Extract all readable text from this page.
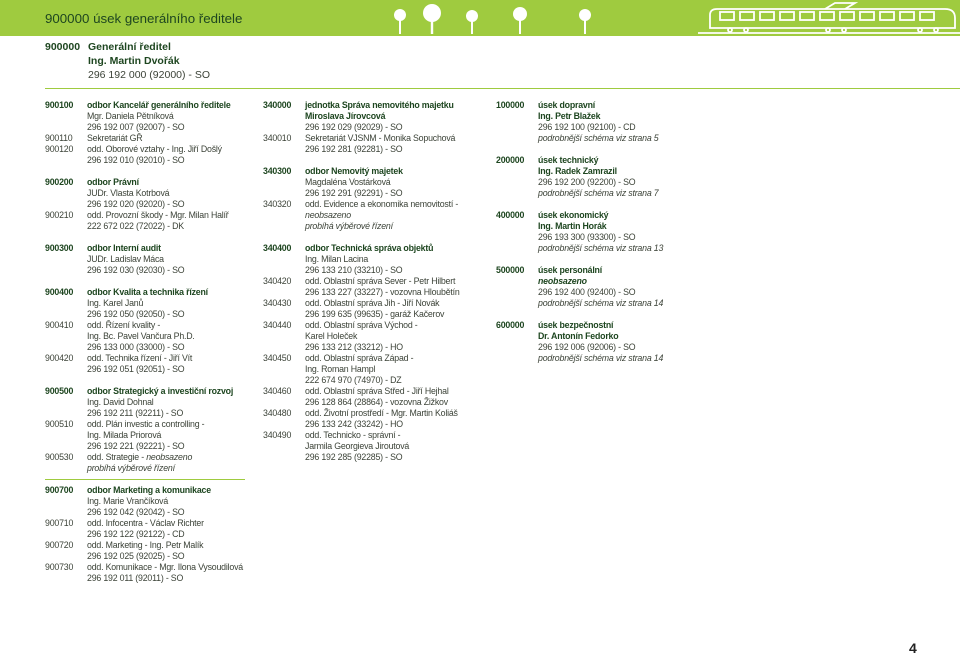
900000 úsek generálního ředitele
900000 Generální ředitel
Ing. Martin Dvořák
296 192 000 (92000) - SO
900100 odbor Kancelář generálního ředitele
Mgr. Daniela Pětníková
296 192 007 (92007) - SO
900110 Sekretariát GŘ
900120 odd. Oborové vztahy - Ing. Jiří Došlý
296 192 010 (92010) - SO
900200 odbor Právní
JUDr. Vlasta Kotrbová
296 192 020 (92020) - SO
900210 odd. Provozní škody - Mgr. Milan Halíř
222 672 022 (72022) - DK
900300 odbor Interní audit
JUDr. Ladislav Máca
296 192 030 (92030) - SO
900400 odbor Kvalita a technika řízení
Ing. Karel Janů
296 192 050 (92050) - SO
900410 odd. Řízení kvality -
Ing. Bc. Pavel Vančura Ph.D.
296 133 000 (33000) - SO
900420 odd. Technika řízení - Jiří Vít
296 192 051 (92051) - SO
900500 odbor Strategický a investiční rozvoj
Ing. David Dohnal
296 192 211 (92211) - SO
900510 odd. Plán investic a controlling -
Ing. Milada Priorová
296 192 221 (92221) - SO
900530 odd. Strategie - neobsazeno
probíhá výběrové řízení
900700 odbor Marketing a komunikace
Ing. Marie Vrančíková
296 192 042 (92042) - SO
900710 odd. Infocentra - Václav Richter
296 192 122 (92122) - CD
900720 odd. Marketing - Ing. Petr Malík
296 192 025 (92025) - SO
900730 odd. Komunikace - Mgr. Ilona Vysoudilová
296 192 011 (92011) - SO
340000 jednotka Správa nemovitého majetku
Miroslava Jírovcová
296 192 029 (92029) - SO
340010 Sekretariát VJSNM - Monika Sopuchová
296 192 281 (92281) - SO
340300 odbor Nemovitý majetek
Magdaléna Vostárková
296 192 291 (92291) - SO
340320 odd. Evidence a ekonomika nemovitostí -
neobsazeno
probíhá výběrové řízení
340400 odbor Technická správa objektů
Ing. Milan Lacina
296 133 210 (33210) - SO
340420 odd. Oblastní správa Sever - Petr Hilbert
296 133 227 (33227) - vozovna Hloubětín
340430 odd. Oblastní správa Jih - Jiří Novák
296 199 635 (99635) - garáž Kačerov
340440 odd. Oblastní správa Východ -
Karel Holeček
296 133 212 (33212) - HO
340450 odd. Oblastní správa Západ -
Ing. Roman Hampl
222 674 970 (74970) - DZ
340460 odd. Oblastní správa Střed - Jiří Hejhal
296 128 864 (28864) - vozovna Žižkov
340480 odd. Životní prostředí - Mgr. Martin Koliáš
296 133 242 (33242) - HO
340490 odd. Technicko - správní -
Jarmila Georgieva Jiroutová
296 192 285 (92285) - SO
100000 úsek dopravní
Ing. Petr Blažek
296 192 100 (92100) - CD
podrobnější schéma viz strana 5
200000 úsek technický
Ing. Radek Zamrazil
296 192 200 (92200) - SO
podrobnější schéma viz strana 7
400000 úsek ekonomický
Ing. Martin Horák
296 193 300 (93300) - SO
podrobnější schéma viz strana 13
500000 úsek personální
neobsazeno
296 192 400 (92400) - SO
podrobnější schéma viz strana 14
600000 úsek bezpečnostní
Dr. Antonín Fedorko
296 192 006 (92006) - SO
podrobnější schéma viz strana 14
4
